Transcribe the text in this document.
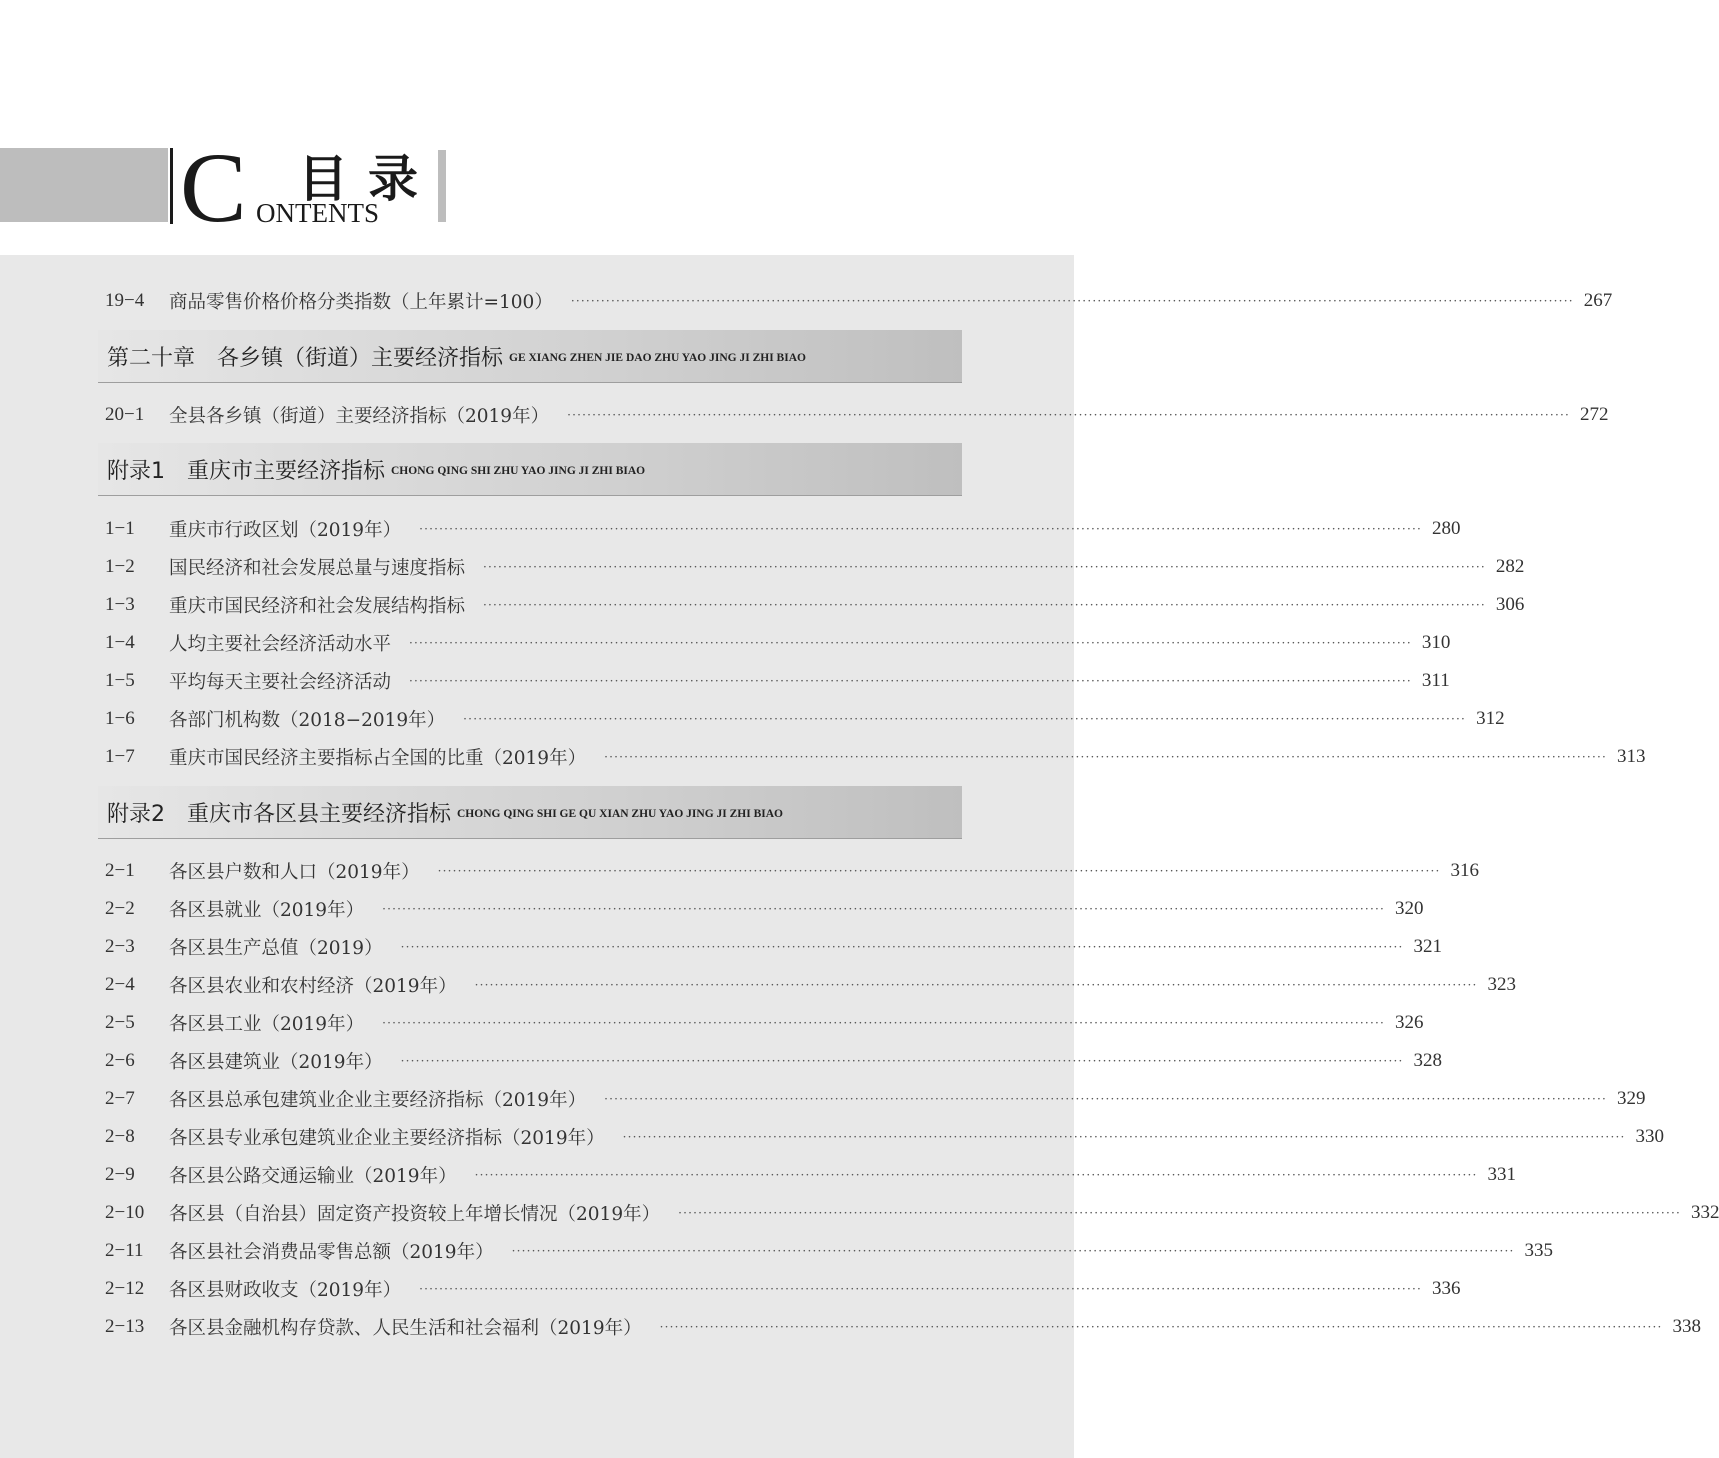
C 目录
ONTENTS
19−4	商品零售价格价格分类指数（上年累计=100）	········································································································································································································ 267
第二十章　各乡镇（街道）主要经济指标 GE XIANG ZHEN JIE DAO ZHU YAO JING JI ZHI BIAO
20−1	全县各乡镇（街道）主要经济指标（2019年）	········································································································································································································ 272
附录1　重庆市主要经济指标 CHONG QING SHI ZHU YAO JING JI ZHI BIAO
1−1	重庆市行政区划（2019年）	········································································································································································································ 280
1−2	国民经济和社会发展总量与速度指标	········································································································································································································ 282
1−3	重庆市国民经济和社会发展结构指标	········································································································································································································ 306
1−4	人均主要社会经济活动水平	········································································································································································································ 310
1−5	平均每天主要社会经济活动	········································································································································································································ 311
1−6	各部门机构数（2018−2019年）	········································································································································································································ 312
1−7	重庆市国民经济主要指标占全国的比重（2019年）	········································································································································································································ 313
附录2　重庆市各区县主要经济指标 CHONG QING SHI GE QU XIAN ZHU YAO JING JI ZHI BIAO
2−1	各区县户数和人口（2019年）	········································································································································································································ 316
2−2	各区县就业（2019年）	········································································································································································································ 320
2−3	各区县生产总值（2019）	········································································································································································································ 321
2−4	各区县农业和农村经济（2019年）	········································································································································································································ 323
2−5	各区县工业（2019年）	········································································································································································································ 326
2−6	各区县建筑业（2019年）	········································································································································································································ 328
2−7	各区县总承包建筑业企业主要经济指标（2019年）	········································································································································································································ 329
2−8	各区县专业承包建筑业企业主要经济指标（2019年）	········································································································································································································ 330
2−9	各区县公路交通运输业（2019年）	········································································································································································································ 331
2−10	各区县（自治县）固定资产投资较上年增长情况（2019年）	········································································································································································································ 332
2−11	各区县社会消费品零售总额（2019年）	········································································································································································································ 335
2−12	各区县财政收支（2019年）	········································································································································································································ 336
2−13	各区县金融机构存贷款、人民生活和社会福利（2019年）	········································································································································································································ 338
